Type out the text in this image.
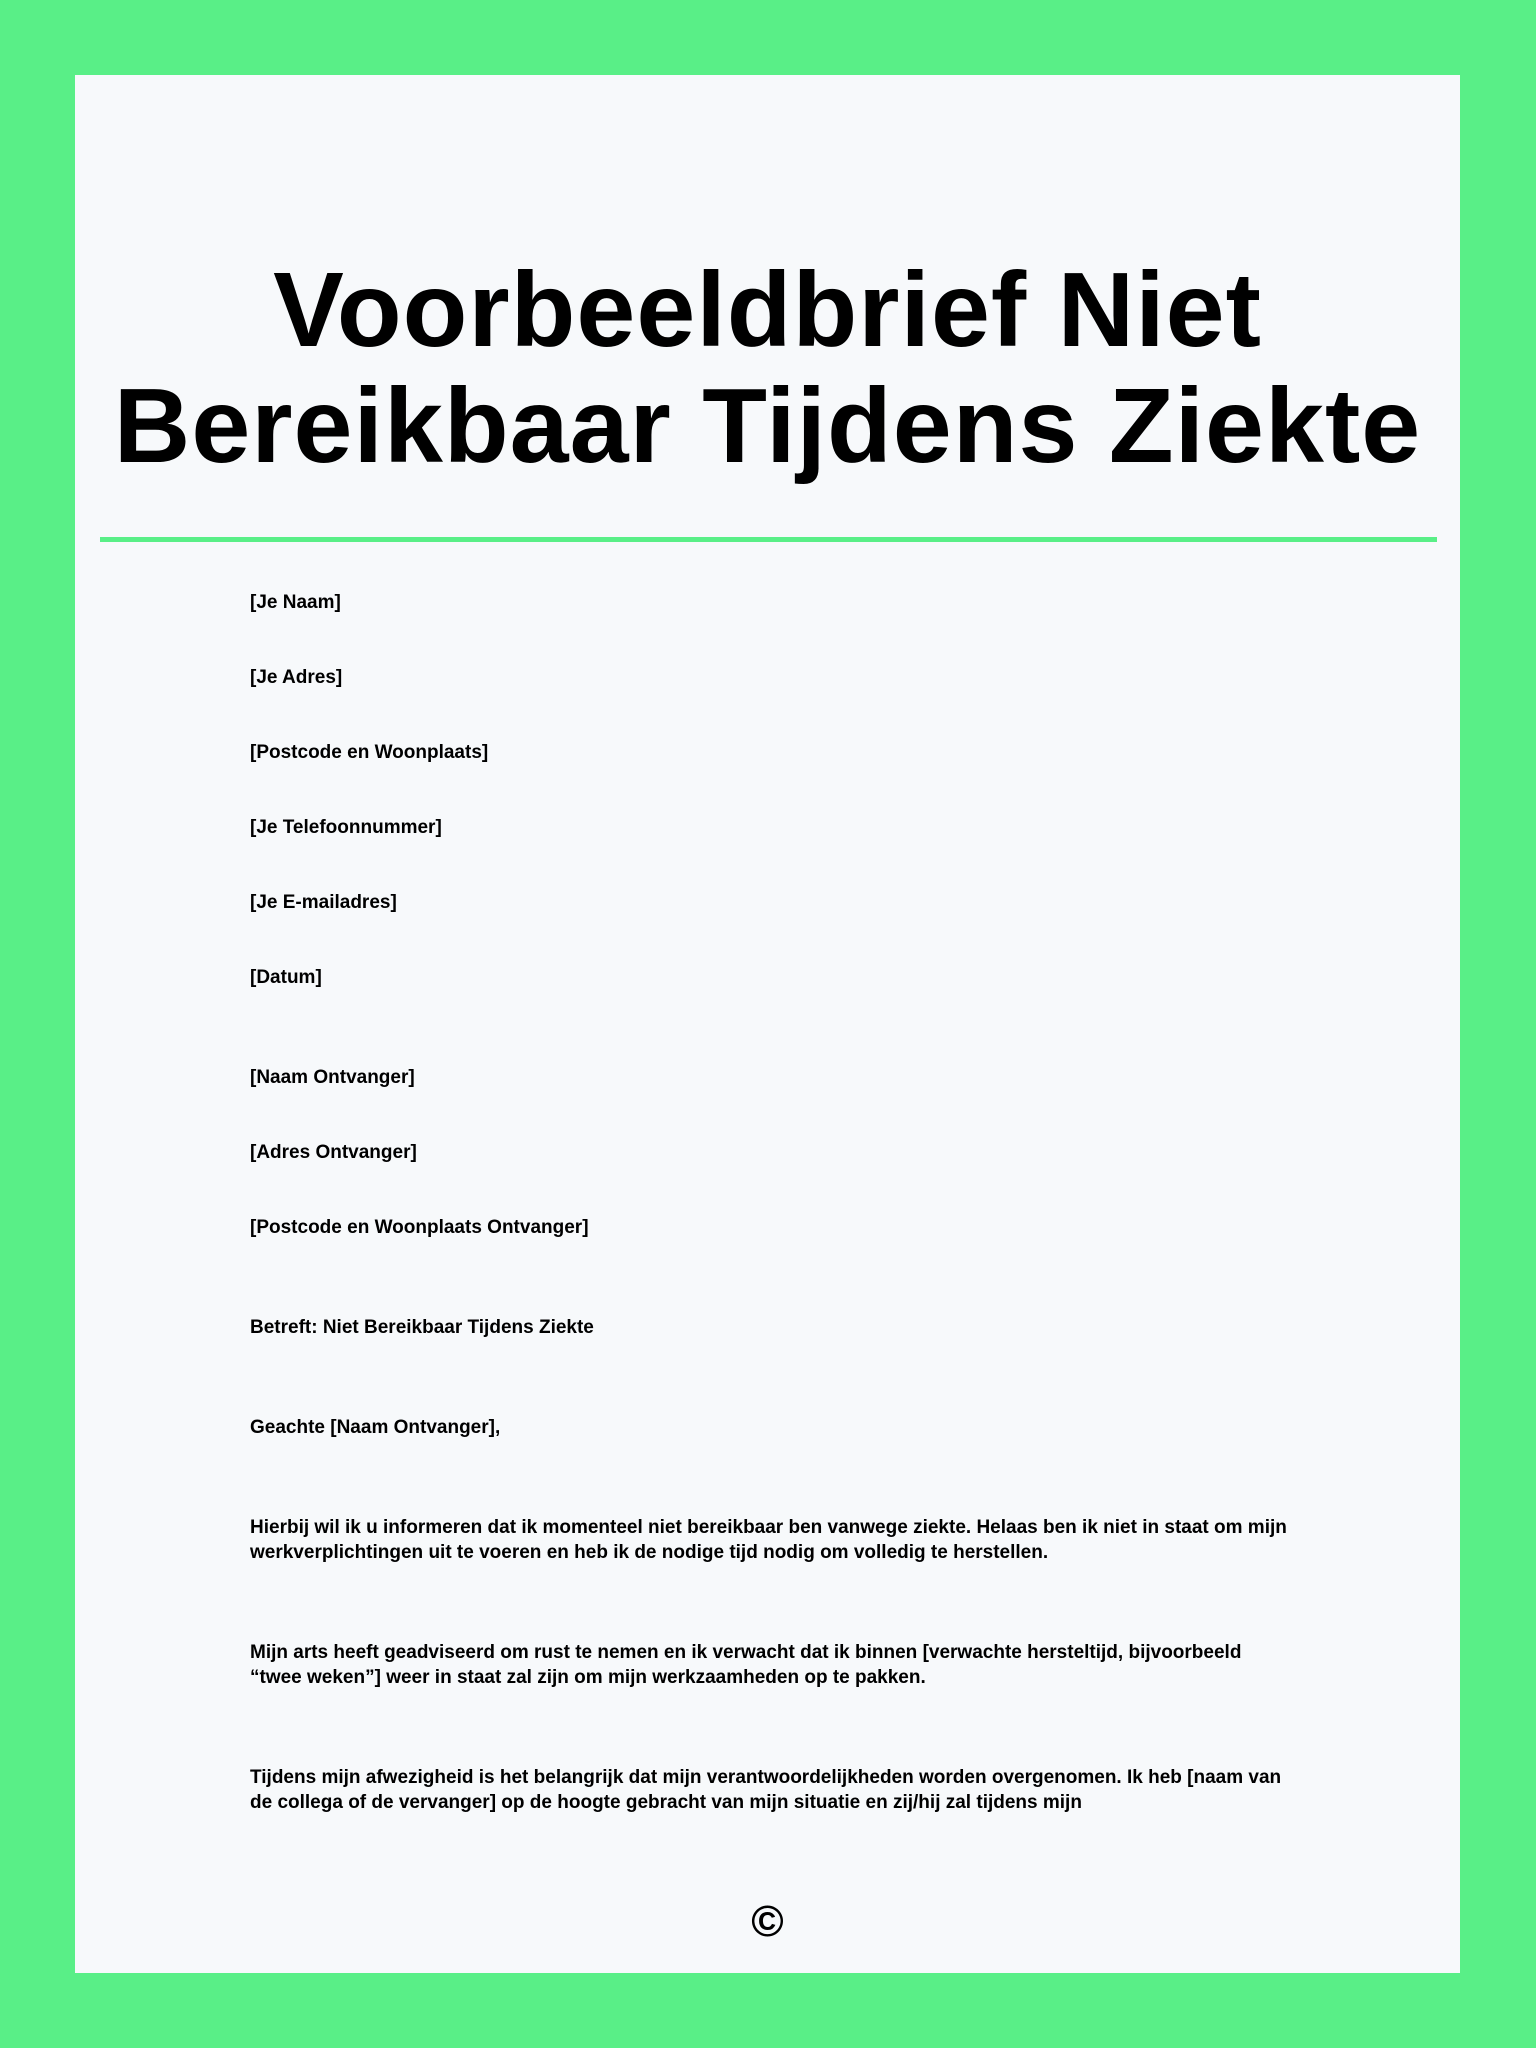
Voorbeeldbrief Niet Bereikbaar Tijdens Ziekte

[Je Naam]

[Je Adres]

[Postcode en Woonplaats]

[Je Telefoonnummer]

[Je E-mailadres]

[Datum]

[Naam Ontvanger]

[Adres Ontvanger]

[Postcode en Woonplaats Ontvanger]

Betreft: Niet Bereikbaar Tijdens Ziekte

Geachte [Naam Ontvanger],

Hierbij wil ik u informeren dat ik momenteel niet bereikbaar ben vanwege ziekte. Helaas ben ik niet in staat om mijn werkverplichtingen uit te voeren en heb ik de nodige tijd nodig om volledig te herstellen.

Mijn arts heeft geadviseerd om rust te nemen en ik verwacht dat ik binnen [verwachte hersteltijd, bijvoorbeeld “twee weken”] weer in staat zal zijn om mijn werkzaamheden op te pakken.

Tijdens mijn afwezigheid is het belangrijk dat mijn verantwoordelijkheden worden overgenomen. Ik heb [naam van de collega of de vervanger] op de hoogte gebracht van mijn situatie en zij/hij zal tijdens mijn

©
